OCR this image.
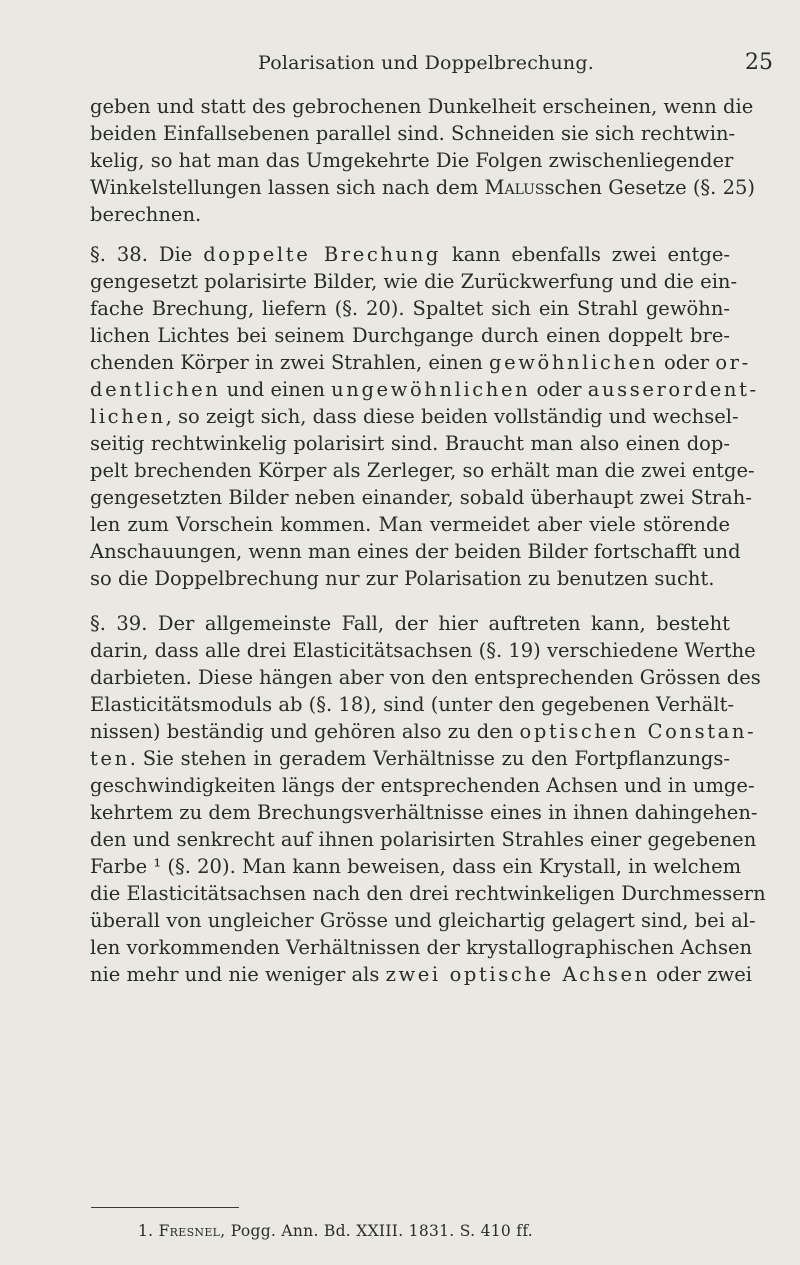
Polarisation und Doppelbrechung.	25
geben und statt des gebrochenen Dunkelheit erscheinen, wenn die
beiden Einfallsebenen parallel sind. Schneiden sie sich rechtwin-
kelig, so hat man das Umgekehrte Die Folgen zwischenliegender
Winkelstellungen lassen sich nach dem Malusschen Gesetze (§. 25)
berechnen.
§. 38. Die doppelte Brechung kann ebenfalls zwei entge-
gengesetzt polarisirte Bilder, wie die Zurückwerfung und die ein-
fache Brechung, liefern (§. 20). Spaltet sich ein Strahl gewöhn-
lichen Lichtes bei seinem Durchgange durch einen doppelt bre-
chenden Körper in zwei Strahlen, einen gewöhnlichen oder or-
dentlichen und einen ungewöhnlichen oder ausserordent-
lichen, so zeigt sich, dass diese beiden vollständig und wechsel-
seitig rechtwinkelig polarisirt sind. Braucht man also einen dop-
pelt brechenden Körper als Zerleger, so erhält man die zwei entge-
gengesetzten Bilder neben einander, sobald überhaupt zwei Strah-
len zum Vorschein kommen. Man vermeidet aber viele störende
Anschauungen, wenn man eines der beiden Bilder fortschafft und
so die Doppelbrechung nur zur Polarisation zu benutzen sucht.
§. 39. Der allgemeinste Fall, der hier auftreten kann, besteht
darin, dass alle drei Elasticitätsachsen (§. 19) verschiedene Werthe
darbieten. Diese hängen aber von den entsprechenden Grössen des
Elasticitätsmoduls ab (§. 18), sind (unter den gegebenen Verhält-
nissen) beständig und gehören also zu den optischen Constan-
ten. Sie stehen in geradem Verhältnisse zu den Fortpflanzungs-
geschwindigkeiten längs der entsprechenden Achsen und in umge-
kehrtem zu dem Brechungsverhältnisse eines in ihnen dahingehen-
den und senkrecht auf ihnen polarisirten Strahles einer gegebenen
Farbe ¹ (§. 20). Man kann beweisen, dass ein Krystall, in welchem
die Elasticitätsachsen nach den drei rechtwinkeligen Durchmessern
überall von ungleicher Grösse und gleichartig gelagert sind, bei al-
len vorkommenden Verhältnissen der krystallographischen Achsen
nie mehr und nie weniger als zwei optische Achsen oder zwei
1. Fresnel, Pogg. Ann. Bd. XXIII. 1831. S. 410 ff.
